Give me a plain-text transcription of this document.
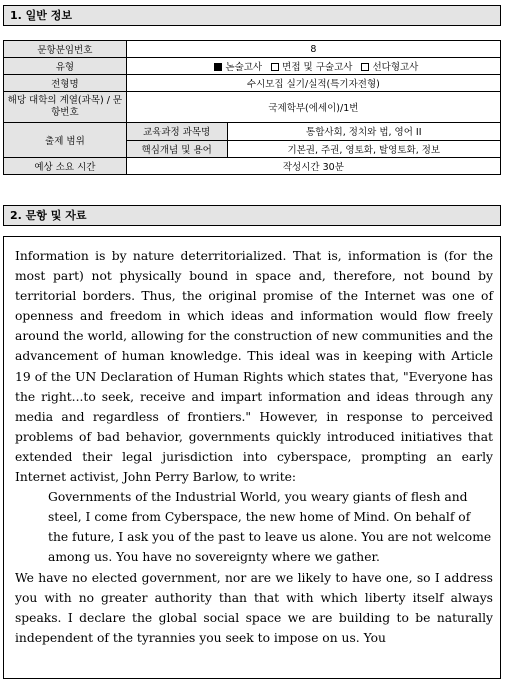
1. 일반 정보
문항분임번호	8	
유형	논술고사 면접 및 구술고사 선다형고사	
전형명	수시모집 실기/실적(특기자전형)	
해당 대학의 계열(과목) / 문항번호	국제학부(에세이)/1번	
출제 범위	교육과정 과목명	통합사회, 정치와 법, 영어 II
	핵심개념 및 용어	기본권, 주권, 영토화, 탈영토화, 정보
예상 소요 시간	작성시간 30분	
2. 문항 및 자료

Information is by nature deterritorialized. That is, information is (for the most part) not physically bound in space and, therefore, not bound by territorial borders. Thus, the original promise of the Internet was one of openness and freedom in which ideas and information would flow freely around the world, allowing for the construction of new communities and the advancement of human knowledge. This ideal was in keeping with Article 19 of the UN Declaration of Human Rights which states that, "Everyone has the right...to seek, receive and impart information and ideas through any media and regardless of frontiers." However, in response to perceived problems of bad behavior, governments quickly introduced initiatives that extended their legal jurisdiction into cyberspace, prompting an early Internet activist, John Perry Barlow, to write:

Governments of the Industrial World, you weary giants of flesh and steel, I come from Cyberspace, the new home of Mind. On behalf of the future, I ask you of the past to leave us alone. You are not welcome among us. You have no sovereignty where we gather.

We have no elected government, nor are we likely to have one, so I address you with no greater authority than that with which liberty itself always speaks. I declare the global social space we are building to be naturally independent of the tyrannies you seek to impose on us. You
